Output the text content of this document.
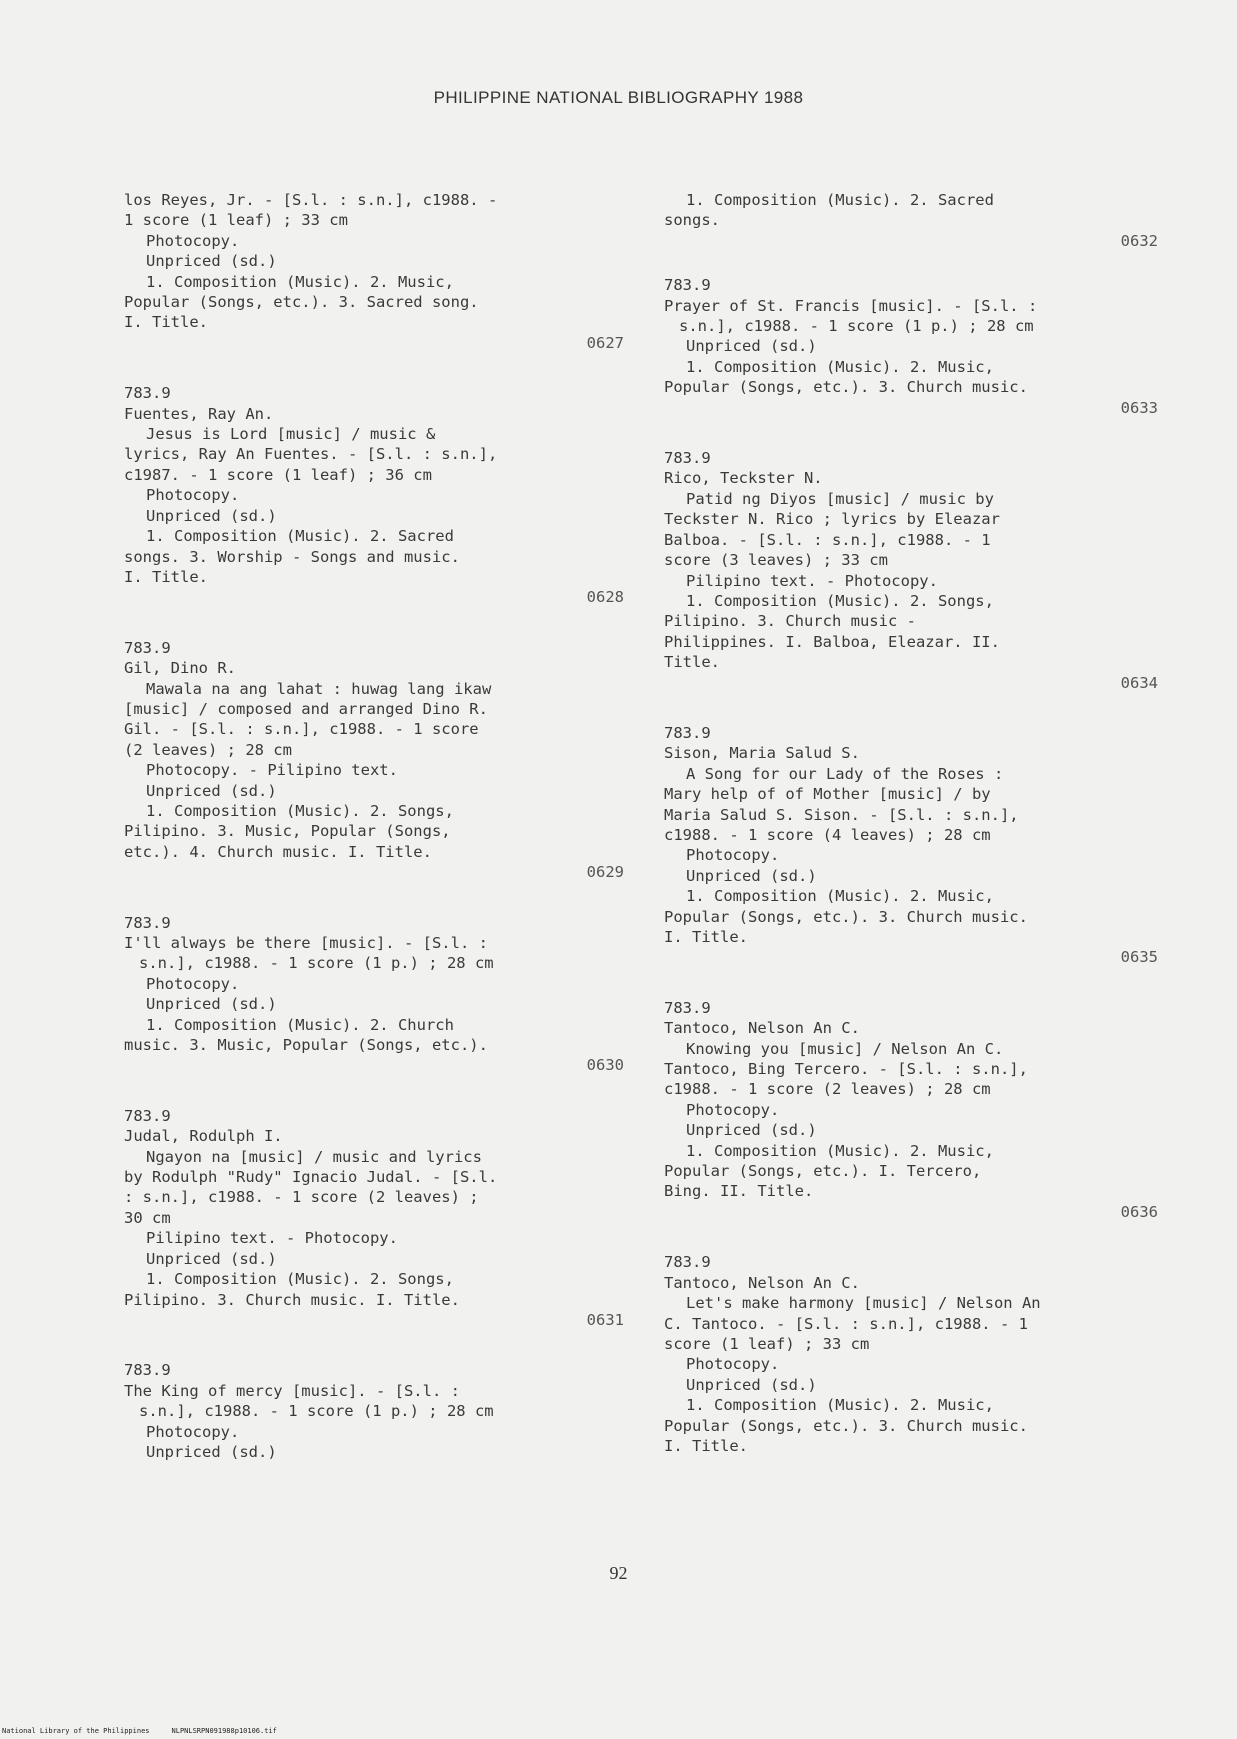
PHILIPPINE NATIONAL BIBLIOGRAPHY 1988
los Reyes, Jr. - [S.l. : s.n.], c1988. -
1 score (1 leaf) ; 33 cm
Photocopy.
Unpriced (sd.)
1. Composition (Music). 2. Music,
Popular (Songs, etc.). 3. Sacred song.
I. Title.
0627
783.9
Fuentes, Ray An.
Jesus is Lord [music] / music &
lyrics, Ray An Fuentes. - [S.l. : s.n.],
c1987. - 1 score (1 leaf) ; 36 cm
Photocopy.
Unpriced (sd.)
1. Composition (Music). 2. Sacred
songs. 3. Worship - Songs and music.
I. Title.
0628
783.9
Gil, Dino R.
Mawala na ang lahat : huwag lang ikaw
[music] / composed and arranged Dino R.
Gil. - [S.l. : s.n.], c1988. - 1 score
(2 leaves) ; 28 cm
Photocopy. - Pilipino text.
Unpriced (sd.)
1. Composition (Music). 2. Songs,
Pilipino. 3. Music, Popular (Songs,
etc.). 4. Church music. I. Title.
0629
783.9
I'll always be there [music]. - [S.l. :
s.n.], c1988. - 1 score (1 p.) ; 28 cm
Photocopy.
Unpriced (sd.)
1. Composition (Music). 2. Church
music. 3. Music, Popular (Songs, etc.).
0630
783.9
Judal, Rodulph I.
Ngayon na [music] / music and lyrics
by Rodulph "Rudy" Ignacio Judal. - [S.l.
: s.n.], c1988. - 1 score (2 leaves) ;
30 cm
Pilipino text. - Photocopy.
Unpriced (sd.)
1. Composition (Music). 2. Songs,
Pilipino. 3. Church music. I. Title.
0631
783.9
The King of mercy [music]. - [S.l. :
s.n.], c1988. - 1 score (1 p.) ; 28 cm
Photocopy.
Unpriced (sd.)
1. Composition (Music). 2. Sacred
songs.
0632
783.9
Prayer of St. Francis [music]. - [S.l. :
s.n.], c1988. - 1 score (1 p.) ; 28 cm
Unpriced (sd.)
1. Composition (Music). 2. Music,
Popular (Songs, etc.). 3. Church music.
0633
783.9
Rico, Teckster N.
Patid ng Diyos [music] / music by
Teckster N. Rico ; lyrics by Eleazar
Balboa. - [S.l. : s.n.], c1988. - 1
score (3 leaves) ; 33 cm
Pilipino text. - Photocopy.
1. Composition (Music). 2. Songs,
Pilipino. 3. Church music -
Philippines. I. Balboa, Eleazar. II.
Title.
0634
783.9
Sison, Maria Salud S.
A Song for our Lady of the Roses :
Mary help of of Mother [music] / by
Maria Salud S. Sison. - [S.l. : s.n.],
c1988. - 1 score (4 leaves) ; 28 cm
Photocopy.
Unpriced (sd.)
1. Composition (Music). 2. Music,
Popular (Songs, etc.). 3. Church music.
I. Title.
0635
783.9
Tantoco, Nelson An C.
Knowing you [music] / Nelson An C.
Tantoco, Bing Tercero. - [S.l. : s.n.],
c1988. - 1 score (2 leaves) ; 28 cm
Photocopy.
Unpriced (sd.)
1. Composition (Music). 2. Music,
Popular (Songs, etc.). I. Tercero,
Bing. II. Title.
0636
783.9
Tantoco, Nelson An C.
Let's make harmony [music] / Nelson An
C. Tantoco. - [S.l. : s.n.], c1988. - 1
score (1 leaf) ; 33 cm
Photocopy.
Unpriced (sd.)
1. Composition (Music). 2. Music,
Popular (Songs, etc.). 3. Church music.
I. Title.
92
National Library of the Philippines	NLPNLSRPN091988p10106.tif
